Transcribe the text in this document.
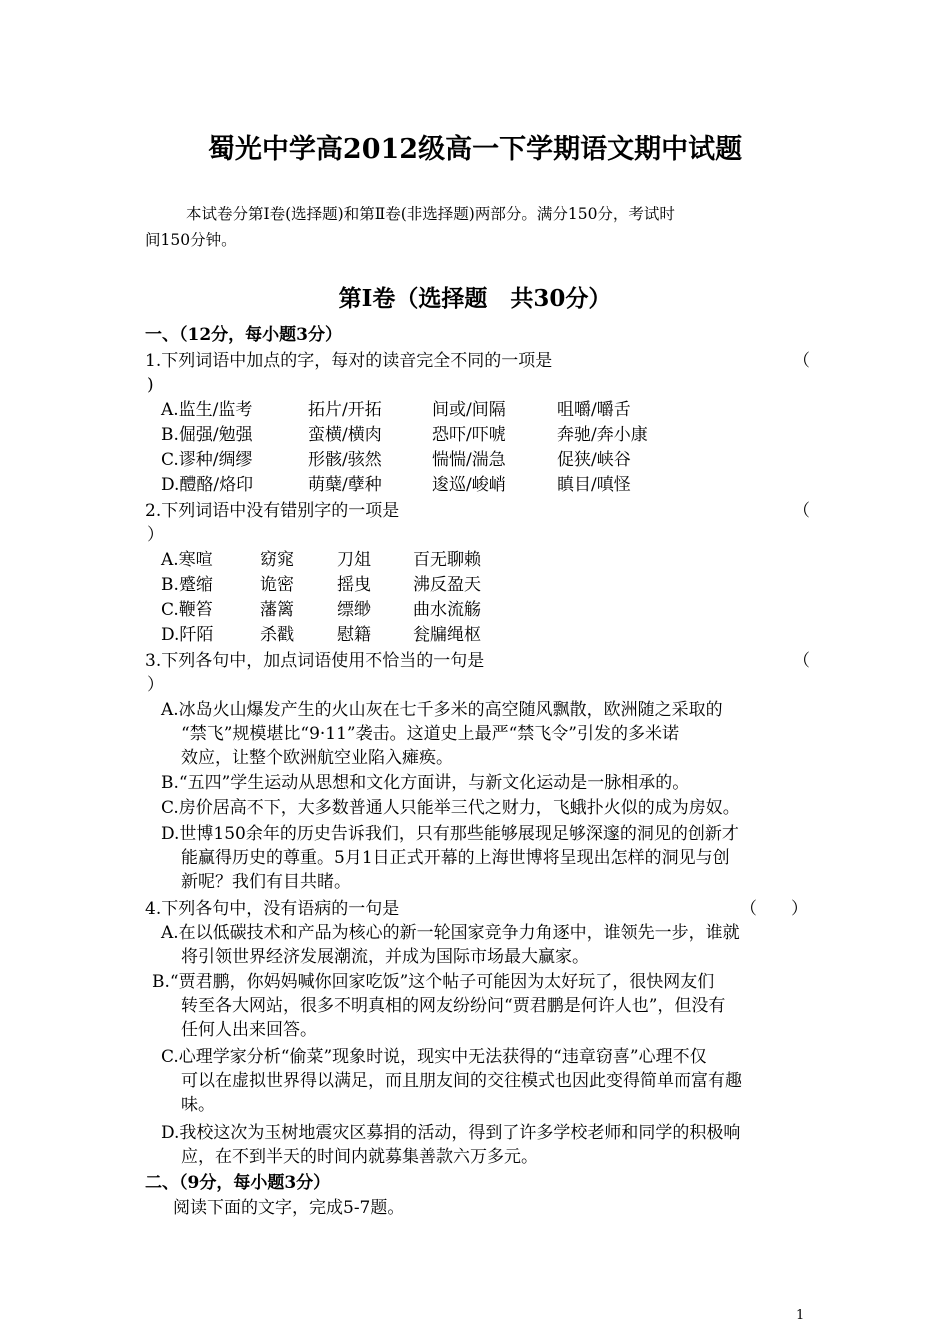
蜀光中学高2012级高一下学期语文期中试题
本试卷分第Ⅰ卷(选择题)和第Ⅱ卷(非选择题)两部分。满分150分，考试时
间150分钟。
第Ⅰ卷（选择题　共30分）
一、（12分，每小题3分）
1.下列词语中加点的字，每对的读音完全不同的一项是	（
)
A.监生/监考	拓片/开拓	间或/间隔	咀嚼/嚼舌
B.倔强/勉强	蛮横/横肉	恐吓/吓唬	奔驰/奔小康
C.谬种/绸缪	形骸/骇然	惴惴/湍急	促狭/峡谷
D.醴酪/烙印	萌蘖/孽种	逡巡/峻峭	瞋目/嗔怪
2.下列词语中没有错别字的一项是	（
）
A.寒喧	窈窕	刀俎 百无聊赖
B.蹙缩	诡密	摇曳 沸反盈天
C.鞭笞	藩篱	缥缈 曲水流觞
D.阡陌	杀戳	慰籍 瓮牖绳枢
3.下列各句中，加点词语使用不恰当的一句是	（
）
A.冰岛火山爆发产生的火山灰在七千多米的高空随风飘散，欧洲随之采取的
“禁飞”规模堪比“9·11”袭击。这道史上最严“禁飞令”引发的多米诺
效应，让整个欧洲航空业陷入瘫痪。
B.“五四”学生运动从思想和文化方面讲，与新文化运动是一脉相承的。
C.房价居高不下，大多数普通人只能举三代之财力，飞蛾扑火似的成为房奴。
D.世博150余年的历史告诉我们，只有那些能够展现足够深邃的洞见的创新才
能赢得历史的尊重。5月1日正式开幕的上海世博将呈现出怎样的洞见与创
新呢？我们有目共睹。
4.下列各句中，没有语病的一句是	（　　）
A.在以低碳技术和产品为核心的新一轮国家竞争力角逐中，谁领先一步，谁就
将引领世界经济发展潮流，并成为国际市场最大赢家。
B.“贾君鹏，你妈妈喊你回家吃饭”这个帖子可能因为太好玩了，很快网友们
转至各大网站，很多不明真相的网友纷纷问“贾君鹏是何许人也”，但没有
任何人出来回答。
C.心理学家分析“偷菜”现象时说，现实中无法获得的“违章窃喜”心理不仅
可以在虚拟世界得以满足，而且朋友间的交往模式也因此变得简单而富有趣
味。
D.我校这次为玉树地震灾区募捐的活动，得到了许多学校老师和同学的积极响
应，在不到半天的时间内就募集善款六万多元。
二、（9分，每小题3分）
阅读下面的文字，完成5-7题。
1
